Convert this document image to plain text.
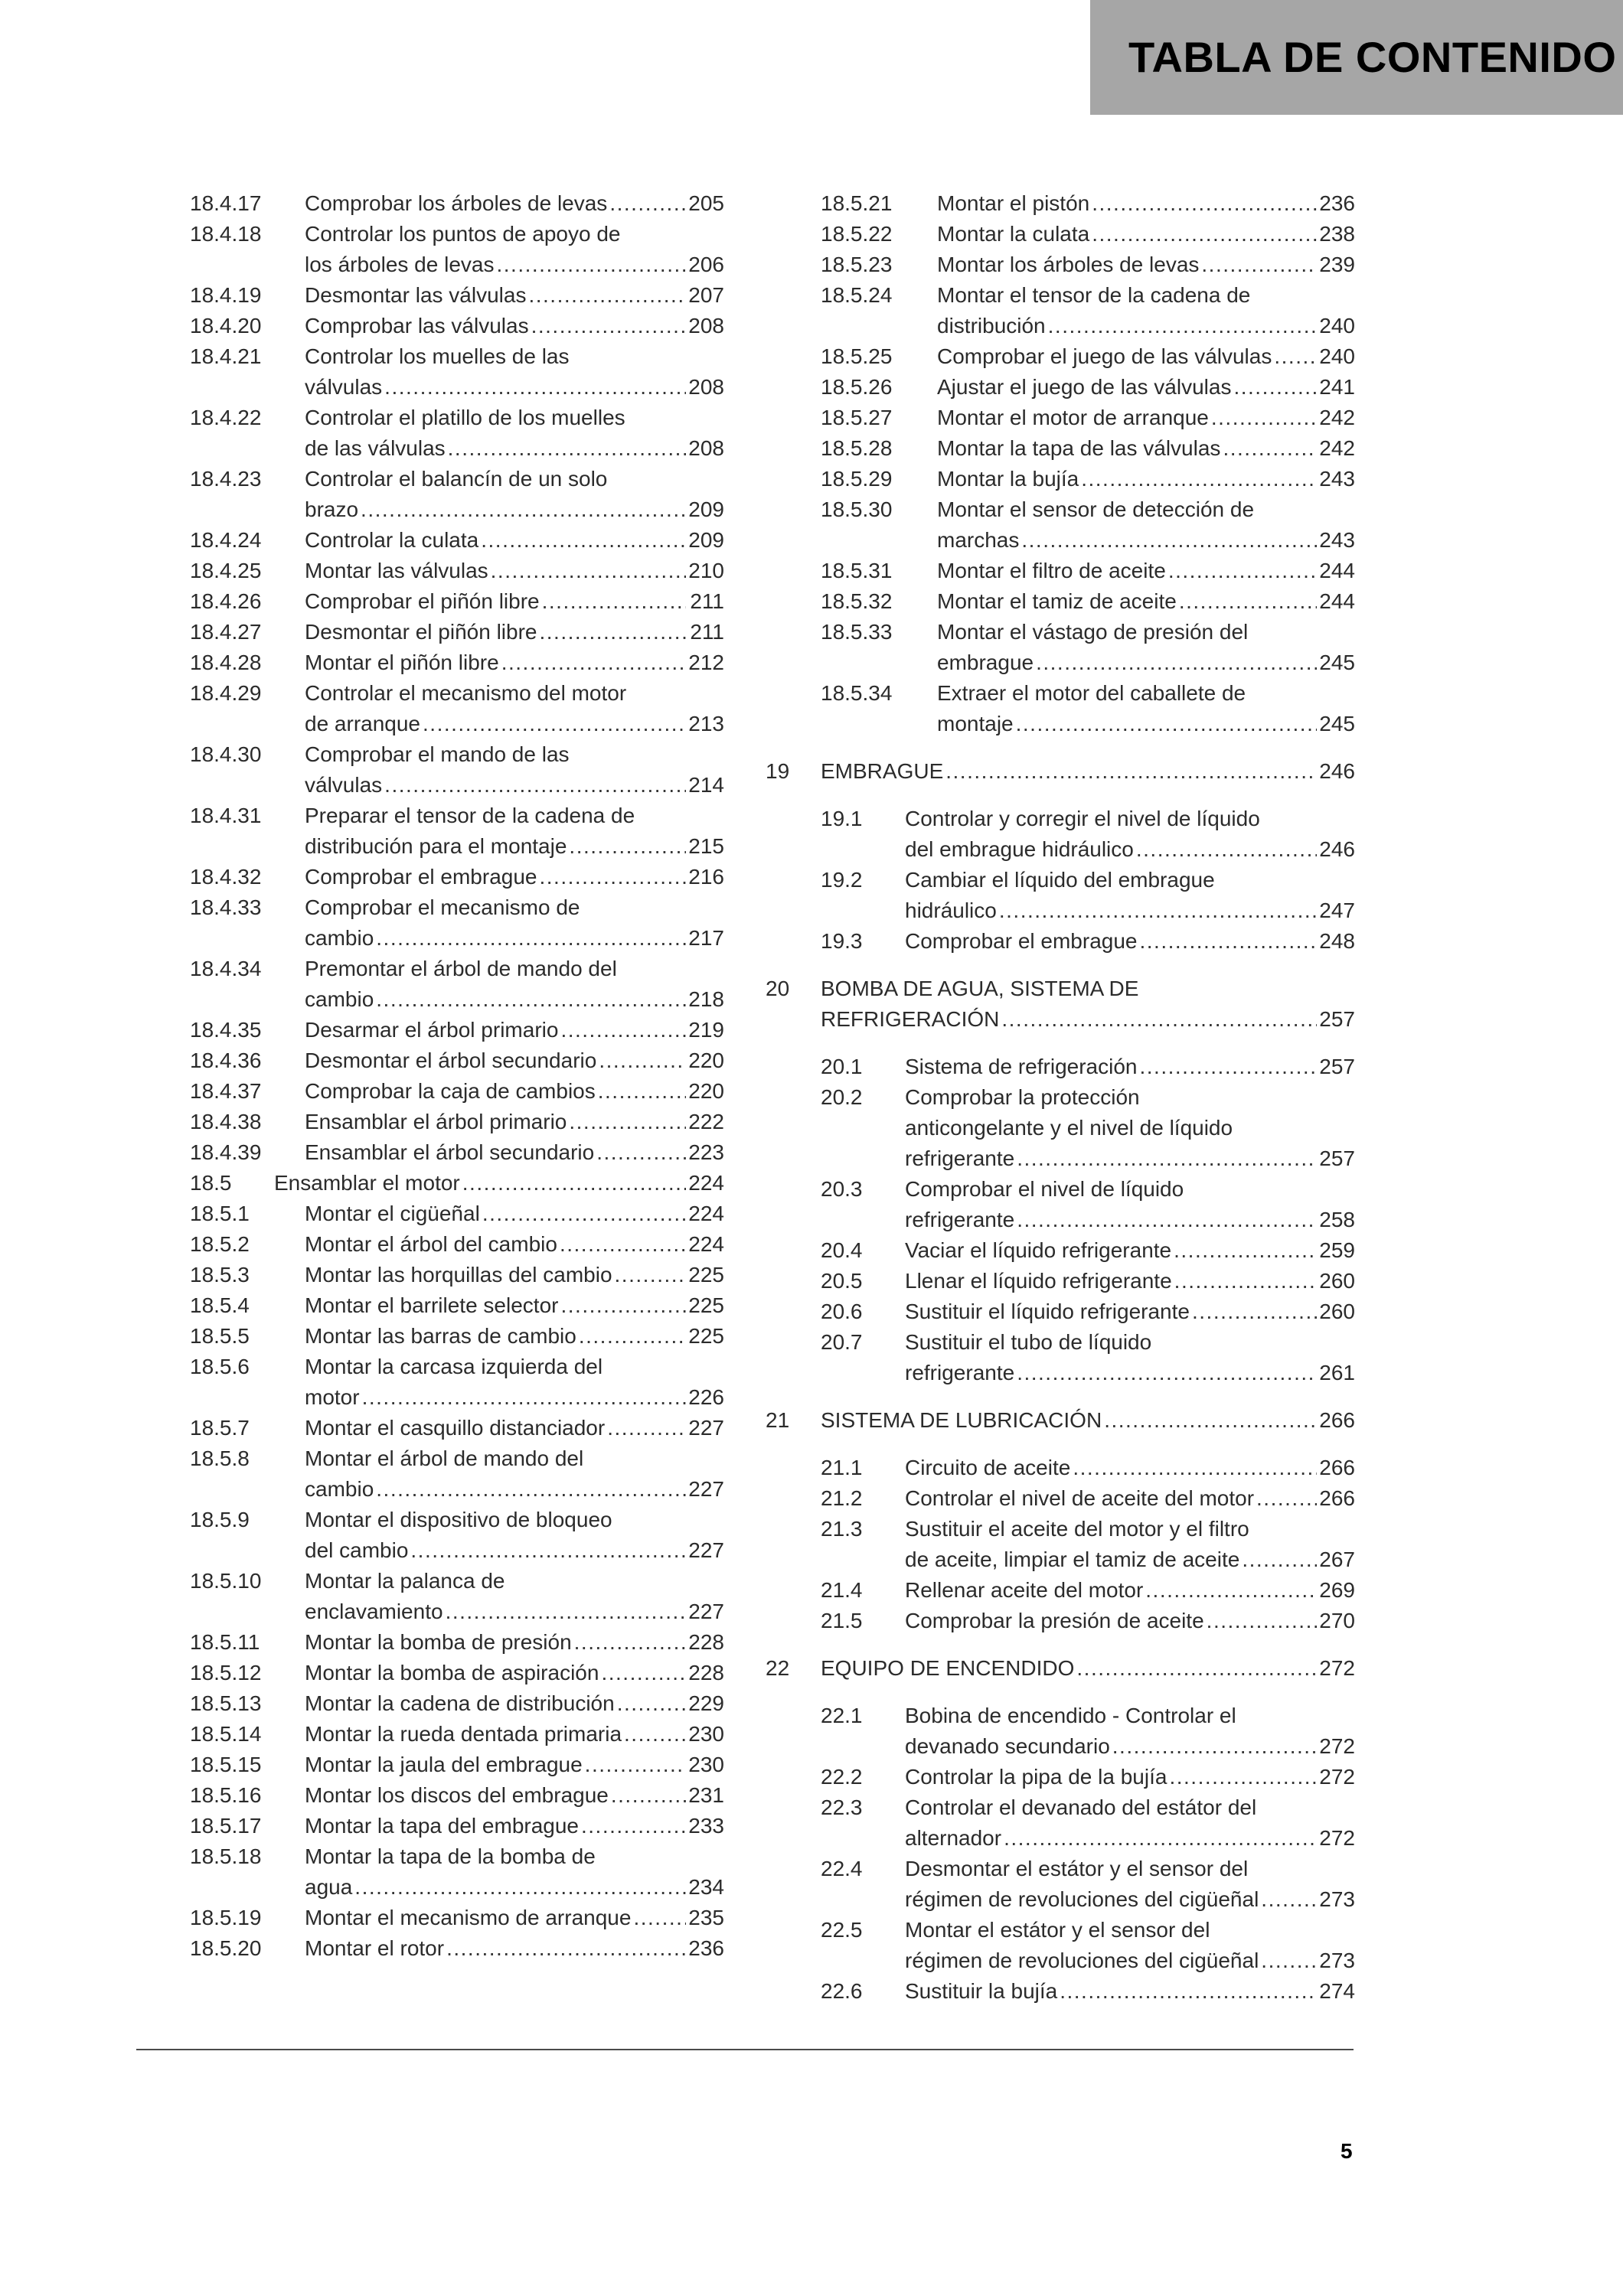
TABLA DE CONTENIDO
18.4.17	Comprobar los árboles de levas .....	205
18.4.18	Controlar los puntos de apoyo de
los árboles de levas .....	206
18.4.19	Desmontar las válvulas .....	207
18.4.20	Comprobar las válvulas .....	208
18.4.21	Controlar los muelles de las
válvulas .....	208
18.4.22	Controlar el platillo de los muelles
de las válvulas .....	208
18.4.23	Controlar el balancín de un solo
brazo .....	209
18.4.24	Controlar la culata .....	209
18.4.25	Montar las válvulas .....	210
18.4.26	Comprobar el piñón libre .....	211
18.4.27	Desmontar el piñón libre .....	211
18.4.28	Montar el piñón libre .....	212
18.4.29	Controlar el mecanismo del motor
de arranque .....	213
18.4.30	Comprobar el mando de las
válvulas .....	214
18.4.31	Preparar el tensor de la cadena de
distribución para el montaje .....	215
18.4.32	Comprobar el embrague .....	216
18.4.33	Comprobar el mecanismo de
cambio .....	217
18.4.34	Premontar el árbol de mando del
cambio .....	218
18.4.35	Desarmar el árbol primario .....	219
18.4.36	Desmontar el árbol secundario .....	220
18.4.37	Comprobar la caja de cambios .....	220
18.4.38	Ensamblar el árbol primario .....	222
18.4.39	Ensamblar el árbol secundario .....	223
18.5	Ensamblar el motor .....	224
18.5.1	Montar el cigüeñal .....	224
18.5.2	Montar el árbol del cambio .....	224
18.5.3	Montar las horquillas del cambio .....	225
18.5.4	Montar el barrilete selector .....	225
18.5.5	Montar las barras de cambio .....	225
18.5.6	Montar la carcasa izquierda del
motor .....	226
18.5.7	Montar el casquillo distanciador .....	227
18.5.8	Montar el árbol de mando del
cambio .....	227
18.5.9	Montar el dispositivo de bloqueo
del cambio .....	227
18.5.10	Montar la palanca de
enclavamiento .....	227
18.5.11	Montar la bomba de presión .....	228
18.5.12	Montar la bomba de aspiración .....	228
18.5.13	Montar la cadena de distribución .....	229
18.5.14	Montar la rueda dentada primaria .....	230
18.5.15	Montar la jaula del embrague .....	230
18.5.16	Montar los discos del embrague .....	231
18.5.17	Montar la tapa del embrague .....	233
18.5.18	Montar la tapa de la bomba de
agua .....	234
18.5.19	Montar el mecanismo de arranque .....	235
18.5.20	Montar el rotor .....	236
18.5.21	Montar el pistón .....	236
18.5.22	Montar la culata .....	238
18.5.23	Montar los árboles de levas .....	239
18.5.24	Montar el tensor de la cadena de
distribución .....	240
18.5.25	Comprobar el juego de las válvulas ..... 240
18.5.26	Ajustar el juego de las válvulas .....	241
18.5.27	Montar el motor de arranque .....	242
18.5.28	Montar la tapa de las válvulas .....	242
18.5.29	Montar la bujía .....	243
18.5.30	Montar el sensor de detección de
marchas .....	243
18.5.31	Montar el filtro de aceite .....	244
18.5.32	Montar el tamiz de aceite .....	244
18.5.33	Montar el vástago de presión del
embrague .....	245
18.5.34	Extraer el motor del caballete de
montaje .....	245
19	EMBRAGUE .....	246
19.1	Controlar y corregir el nivel de líquido
del embrague hidráulico .....	246
19.2	Cambiar el líquido del embrague
hidráulico .....	247
19.3	Comprobar el embrague .....	248
20	BOMBA DE AGUA, SISTEMA DE
REFRIGERACIÓN .....	257
20.1	Sistema de refrigeración .....	257
20.2	Comprobar la protección
anticongelante y el nivel de líquido
refrigerante .....	257
20.3	Comprobar el nivel de líquido
refrigerante .....	258
20.4	Vaciar el líquido refrigerante .....	259
20.5	Llenar el líquido refrigerante .....	260
20.6	Sustituir el líquido refrigerante .....	260
20.7	Sustituir el tubo de líquido
refrigerante .....	261
21	SISTEMA DE LUBRICACIÓN .....	266
21.1	Circuito de aceite .....	266
21.2	Controlar el nivel de aceite del motor .....	266
21.3	Sustituir el aceite del motor y el filtro
de aceite, limpiar el tamiz de aceite .....	267
21.4	Rellenar aceite del motor .....	269
21.5	Comprobar la presión de aceite .....	270
22	EQUIPO DE ENCENDIDO .....	272
22.1	Bobina de encendido - Controlar el
devanado secundario .....	272
22.2	Controlar la pipa de la bujía .....	272
22.3	Controlar el devanado del estátor del
alternador .....	272
22.4	Desmontar el estátor y el sensor del
régimen de revoluciones del cigüeñal .....	273
22.5	Montar el estátor y el sensor del
régimen de revoluciones del cigüeñal .....	273
22.6	Sustituir la bujía .....	274
5
